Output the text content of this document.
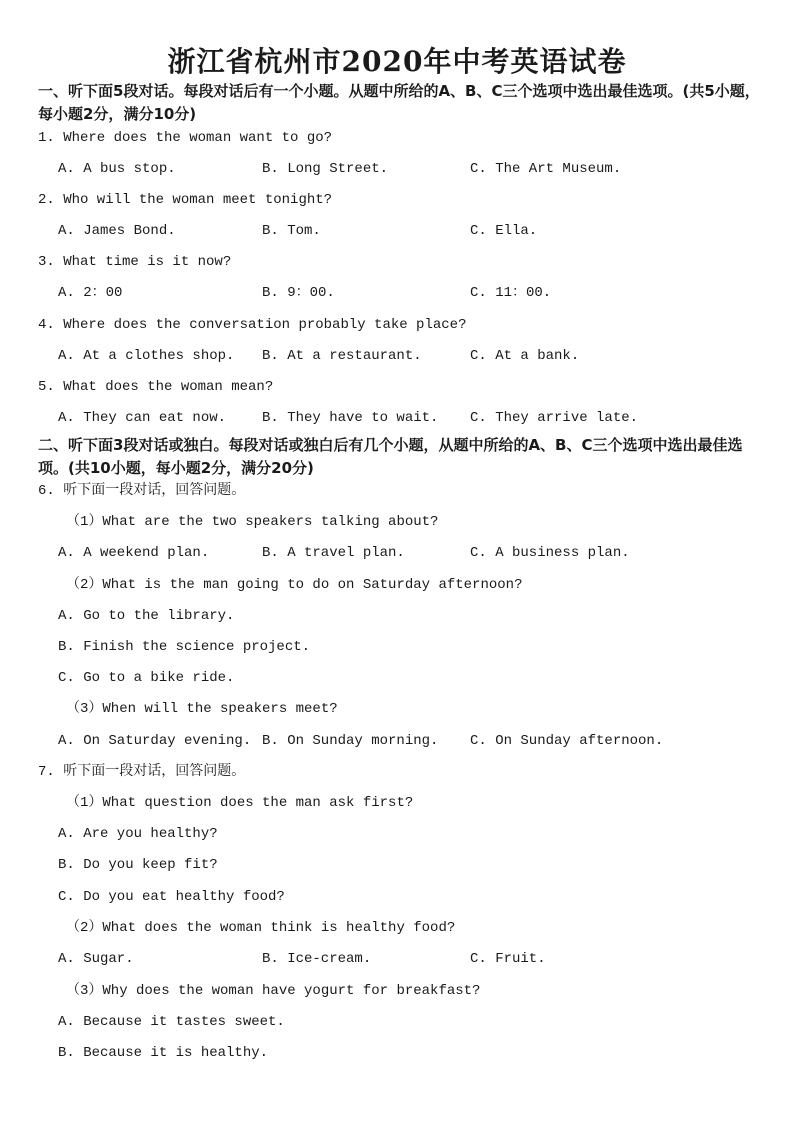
浙江省杭州市2020年中考英语试卷
一、听下面5段对话。每段对话后有一个小题。从题中所给的A、B、C三个选项中选出最佳选项。(共5小题，每小题2分，满分10分)
1. Where does the woman want to go?
A. A bus stop.	B. Long Street.	C. The Art Museum.
2. Who will the woman meet tonight?
A. James Bond.	B. Tom.	C. Ella.
3. What time is it now?
A. 2：00	B. 9：00.	C. 11：00.
4. Where does the conversation probably take place?
A. At a clothes shop. B. At a restaurant.	C. At a bank.
5. What does the woman mean?
A. They can eat now.	B. They have to wait. C. They arrive late.
二、听下面3段对话或独白。每段对话或独白后有几个小题，从题中所给的A、B、C三个选项中选出最佳选项。(共10小题，每小题2分，满分20分)
6. 听下面一段对话，回答问题。
（1）What are the two speakers talking about?
A. A weekend plan.	B. A travel plan.	C. A business plan.
（2）What is the man going to do on Saturday afternoon?
A. Go to the library.
B. Finish the science project.
C. Go to a bike ride.
（3）When will the speakers meet?
A. On Saturday evening. B. On Sunday morning. C. On Sunday afternoon.
7. 听下面一段对话，回答问题。
（1）What question does the man ask first?
A. Are you healthy?
B. Do you keep fit?
C. Do you eat healthy food?
（2）What does the woman think is healthy food?
A. Sugar.	B. Ice-cream.	C. Fruit.
（3）Why does the woman have yogurt for breakfast?
A. Because it tastes sweet.
B. Because it is healthy.
